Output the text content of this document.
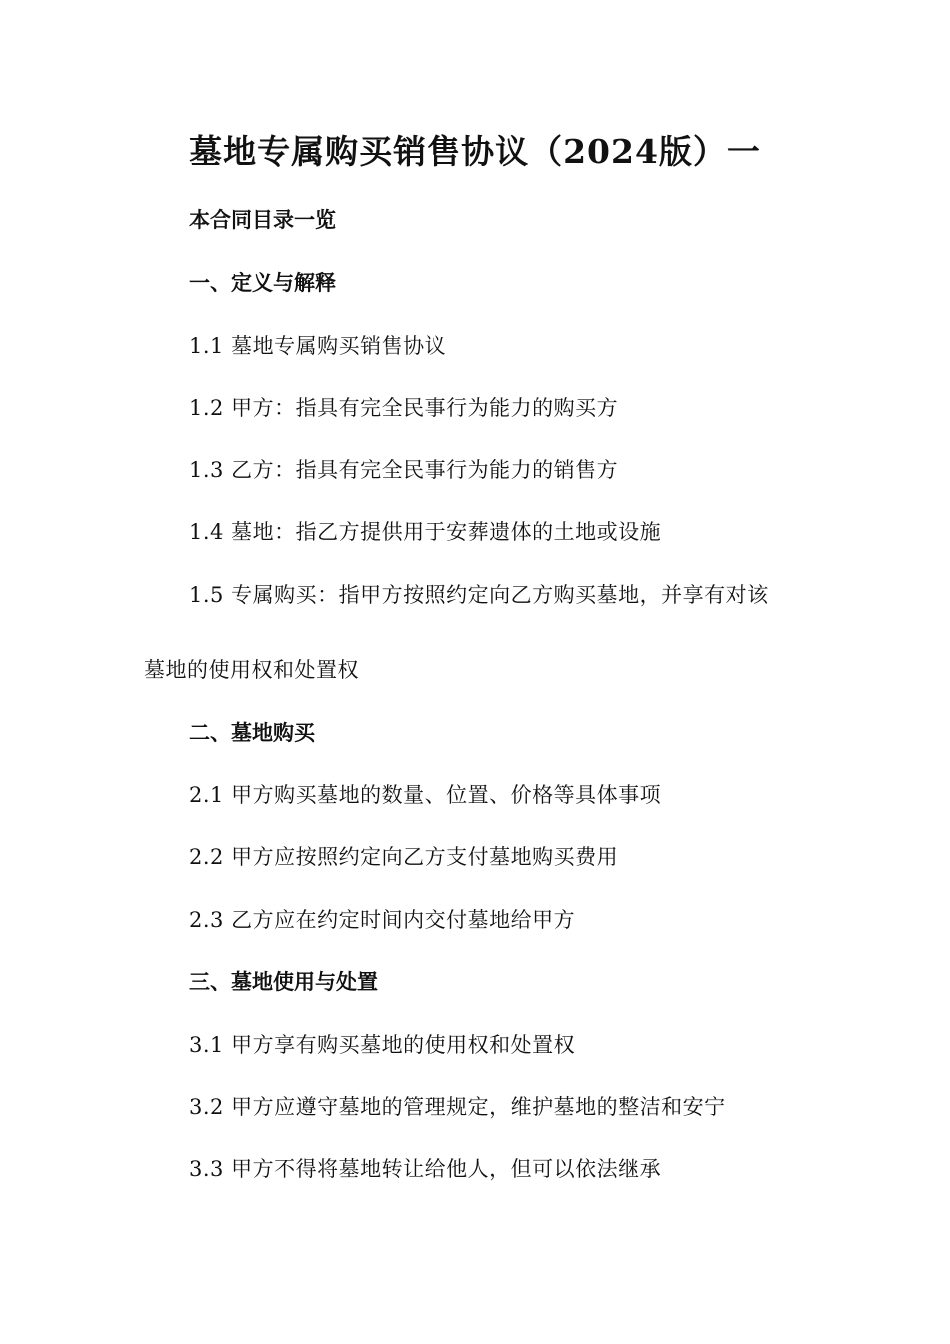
墓地专属购买销售协议（2024版）一
本合同目录一览
一、定义与解释
1.1 墓地专属购买销售协议
1.2 甲方：指具有完全民事行为能力的购买方
1.3 乙方：指具有完全民事行为能力的销售方
1.4 墓地：指乙方提供用于安葬遗体的土地或设施
1.5 专属购买：指甲方按照约定向乙方购买墓地，并享有对该
墓地的使用权和处置权
二、墓地购买
2.1 甲方购买墓地的数量、位置、价格等具体事项
2.2 甲方应按照约定向乙方支付墓地购买费用
2.3 乙方应在约定时间内交付墓地给甲方
三、墓地使用与处置
3.1 甲方享有购买墓地的使用权和处置权
3.2 甲方应遵守墓地的管理规定，维护墓地的整洁和安宁
3.3 甲方不得将墓地转让给他人，但可以依法继承
